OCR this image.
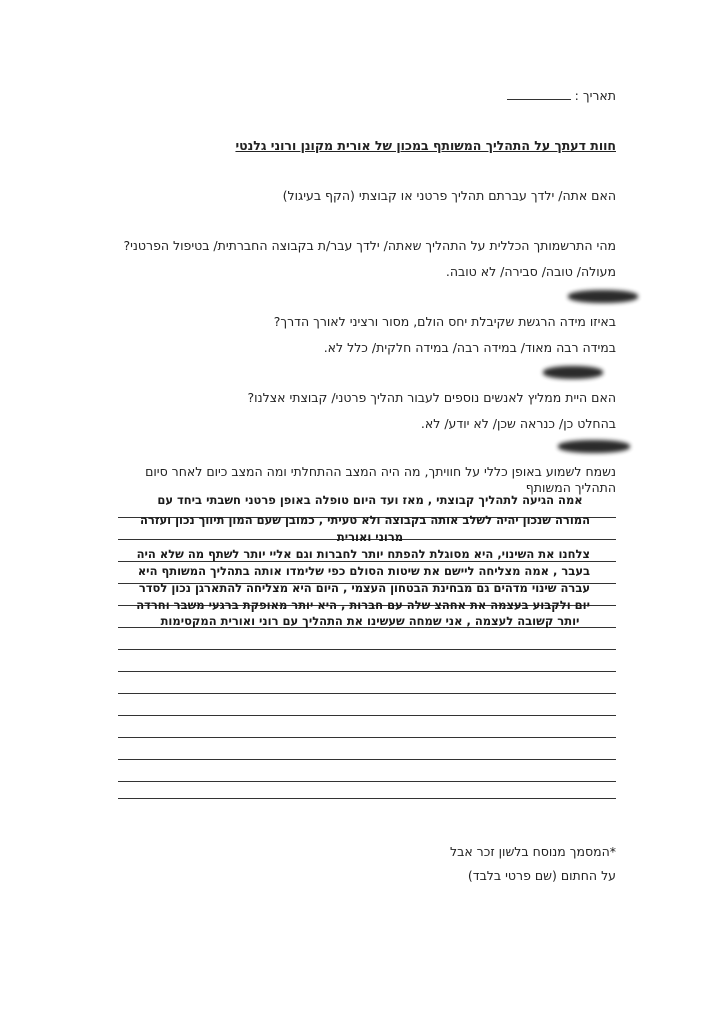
תאריך :
חוות דעתך על התהליך המשותף במכון של אורית מקונן ורוני גלנטי
האם אתה/ ילדך עברתם תהליך פרטני או קבוצתי (הקף בעיגול)
מהי התרשמותך הכללית על התהליך שאתה/ ילדך עבר/ת בקבוצה החברתית/ בטיפול הפרטני?
מעולה/ טובה/ סבירה/ לא טובה.
באיזו מידה הרגשת שקיבלת יחס הולם, מסור ורציני לאורך הדרך?
במידה רבה מאוד/ במידה רבה/ במידה חלקית/ כלל לא.
האם היית ממליץ לאנשים נוספים לעבור תהליך פרטני/ קבוצתי אצלנו?
בהחלט כן/ כנראה שכן/ לא יודע/ לא.
נשמח לשמוע באופן כללי על חוויתך, מה היה המצב ההתחלתי ומה המצב כיום לאחר סיום התהליך המשותף
אמה הגיעה לתהליך קבוצתי , מאז ועד היום טופלה באופן פרטני חשבתי ביחד עם
המורה שנכון יהיה לשלב אותה בקבוצה ולא טעיתי , כמובן שעם המון תיווך נכון ועזרה
מרוני ואורית
צלחנו את השינוי, היא מסוגלת להפתח יותר לחברות וגם אליי יותר לשתף מה שלא היה
בעבר , אמה מצליחה ליישם את שיטות הסולם כפי שלימדו אותה בתהליך המשותף היא
עברה שינוי מדהים גם מבחינת הבטחון העצמי , היום היא מצליחה להתארגן נכון לסדר
יום ולקבוע בעצמה את אחהצ שלה עם חברות , היא יותר מאופקת ברגעי משבר וחרדה
יותר קשובה לעצמה , אני שמחה שעשינו את התהליך עם רוני ואורית המקסימות
*המסמך מנוסח בלשון זכר אבל
על החתום (שם פרטי בלבד)
